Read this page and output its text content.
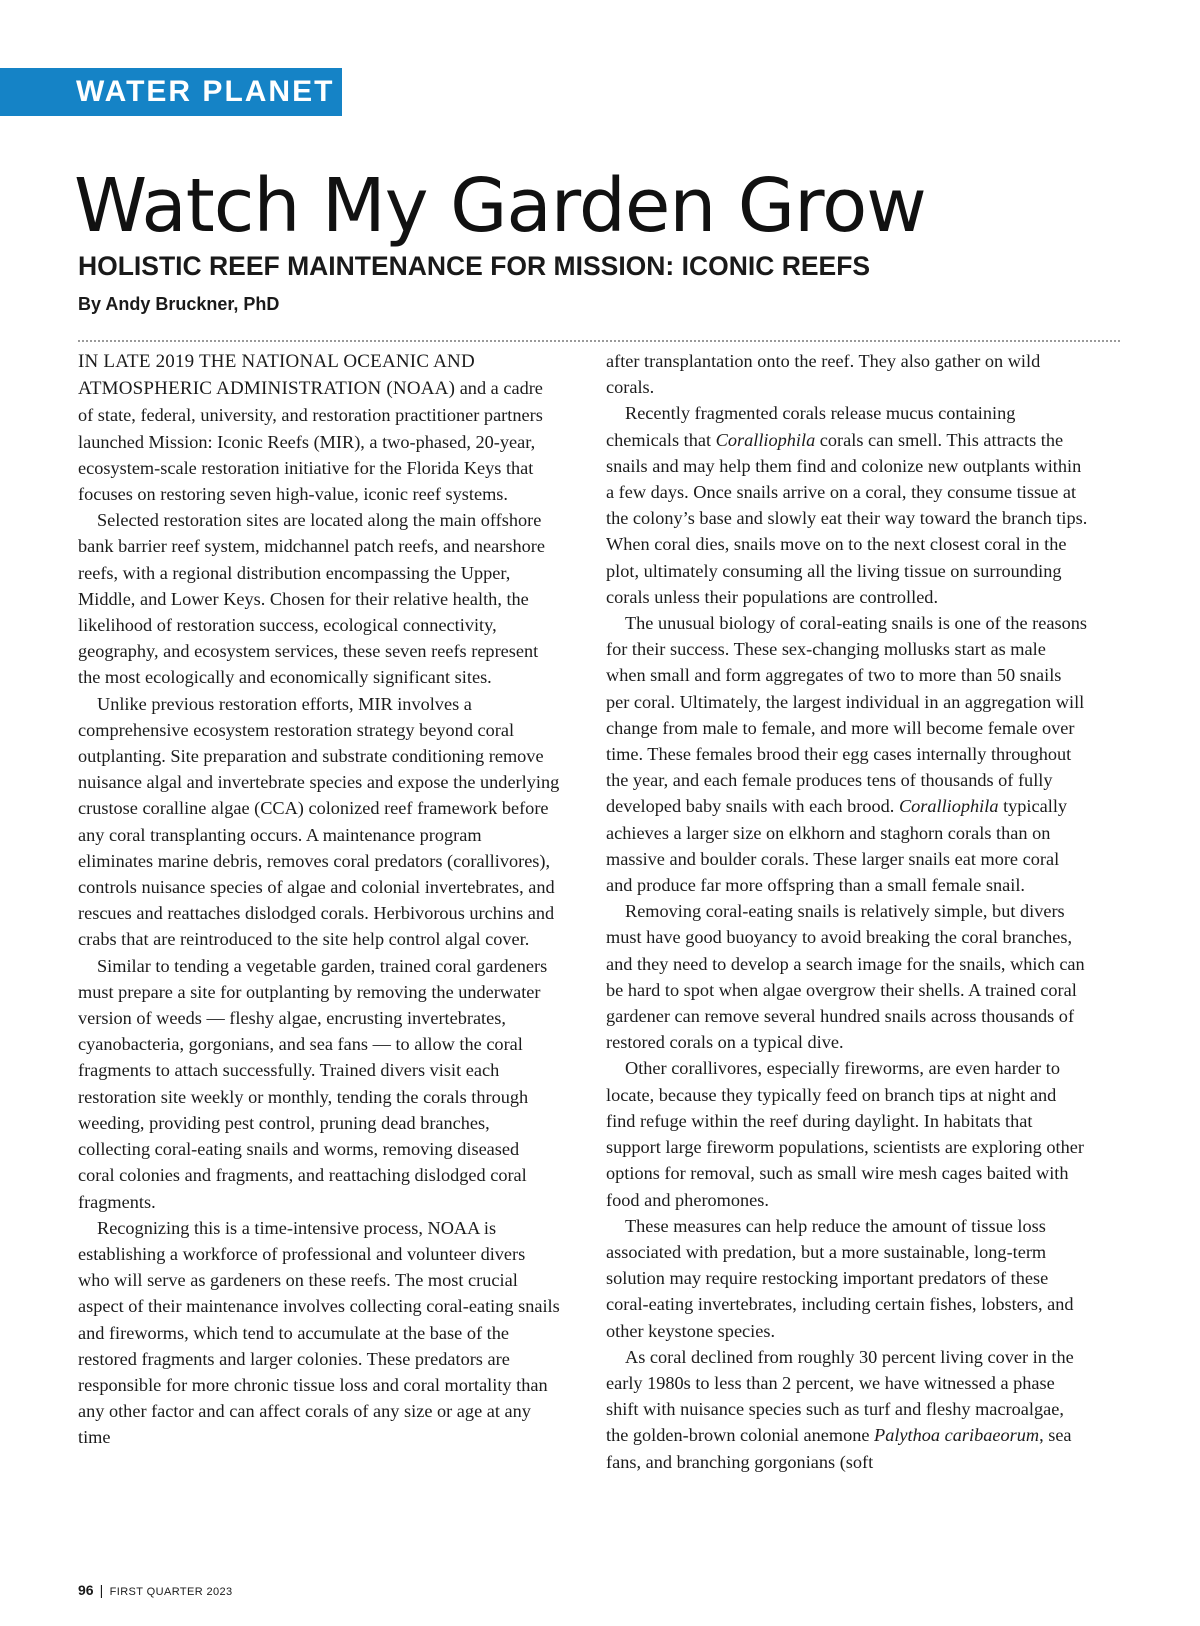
WATER PLANET
Watch My Garden Grow
HOLISTIC REEF MAINTENANCE FOR MISSION: ICONIC REEFS

By Andy Bruckner, PhD

IN LATE 2019 THE NATIONAL OCEANIC AND ATMOSPHERIC ADMINISTRATION (NOAA) and a cadre of state, federal, university, and restoration practitioner partners launched Mission: Iconic Reefs (MIR), a two-phased, 20-year, ecosystem-scale restoration initiative for the Florida Keys that focuses on restoring seven high-value, iconic reef systems.

Selected restoration sites are located along the main offshore bank barrier reef system, midchannel patch reefs, and nearshore reefs, with a regional distribution encompassing the Upper, Middle, and Lower Keys. Chosen for their relative health, the likelihood of restoration success, ecological connectivity, geography, and ecosystem services, these seven reefs represent the most ecologically and economically significant sites.

Unlike previous restoration efforts, MIR involves a comprehensive ecosystem restoration strategy beyond coral outplanting. Site preparation and substrate conditioning remove nuisance algal and invertebrate species and expose the underlying crustose coralline algae (CCA) colonized reef framework before any coral transplanting occurs. A maintenance program eliminates marine debris, removes coral predators (corallivores), controls nuisance species of algae and colonial invertebrates, and rescues and reattaches dislodged corals. Herbivorous urchins and crabs that are reintroduced to the site help control algal cover.

Similar to tending a vegetable garden, trained coral gardeners must prepare a site for outplanting by removing the underwater version of weeds — fleshy algae, encrusting invertebrates, cyanobacteria, gorgonians, and sea fans — to allow the coral fragments to attach successfully. Trained divers visit each restoration site weekly or monthly, tending the corals through weeding, providing pest control, pruning dead branches, collecting coral-eating snails and worms, removing diseased coral colonies and fragments, and reattaching dislodged coral fragments.

Recognizing this is a time-intensive process, NOAA is establishing a workforce of professional and volunteer divers who will serve as gardeners on these reefs. The most crucial aspect of their maintenance involves collecting coral-eating snails and fireworms, which tend to accumulate at the base of the restored fragments and larger colonies. These predators are responsible for more chronic tissue loss and coral mortality than any other factor and can affect corals of any size or age at any time

after transplantation onto the reef. They also gather on wild corals.

Recently fragmented corals release mucus containing chemicals that Coralliophila corals can smell. This attracts the snails and may help them find and colonize new outplants within a few days. Once snails arrive on a coral, they consume tissue at the colony’s base and slowly eat their way toward the branch tips. When coral dies, snails move on to the next closest coral in the plot, ultimately consuming all the living tissue on surrounding corals unless their populations are controlled.

The unusual biology of coral-eating snails is one of the reasons for their success. These sex-changing mollusks start as male when small and form aggregates of two to more than 50 snails per coral. Ultimately, the largest individual in an aggregation will change from male to female, and more will become female over time. These females brood their egg cases internally throughout the year, and each female produces tens of thousands of fully developed baby snails with each brood. Coralliophila typically achieves a larger size on elkhorn and staghorn corals than on massive and boulder corals. These larger snails eat more coral and produce far more offspring than a small female snail.

Removing coral-eating snails is relatively simple, but divers must have good buoyancy to avoid breaking the coral branches, and they need to develop a search image for the snails, which can be hard to spot when algae overgrow their shells. A trained coral gardener can remove several hundred snails across thousands of restored corals on a typical dive.

Other corallivores, especially fireworms, are even harder to locate, because they typically feed on branch tips at night and find refuge within the reef during daylight. In habitats that support large fireworm populations, scientists are exploring other options for removal, such as small wire mesh cages baited with food and pheromones.

These measures can help reduce the amount of tissue loss associated with predation, but a more sustainable, long-term solution may require restocking important predators of these coral-eating invertebrates, including certain fishes, lobsters, and other keystone species.

As coral declined from roughly 30 percent living cover in the early 1980s to less than 2 percent, we have witnessed a phase shift with nuisance species such as turf and fleshy macroalgae, the golden-brown colonial anemone Palythoa caribaeorum, sea fans, and branching gorgonians (soft

96 | FIRST QUARTER 2023
